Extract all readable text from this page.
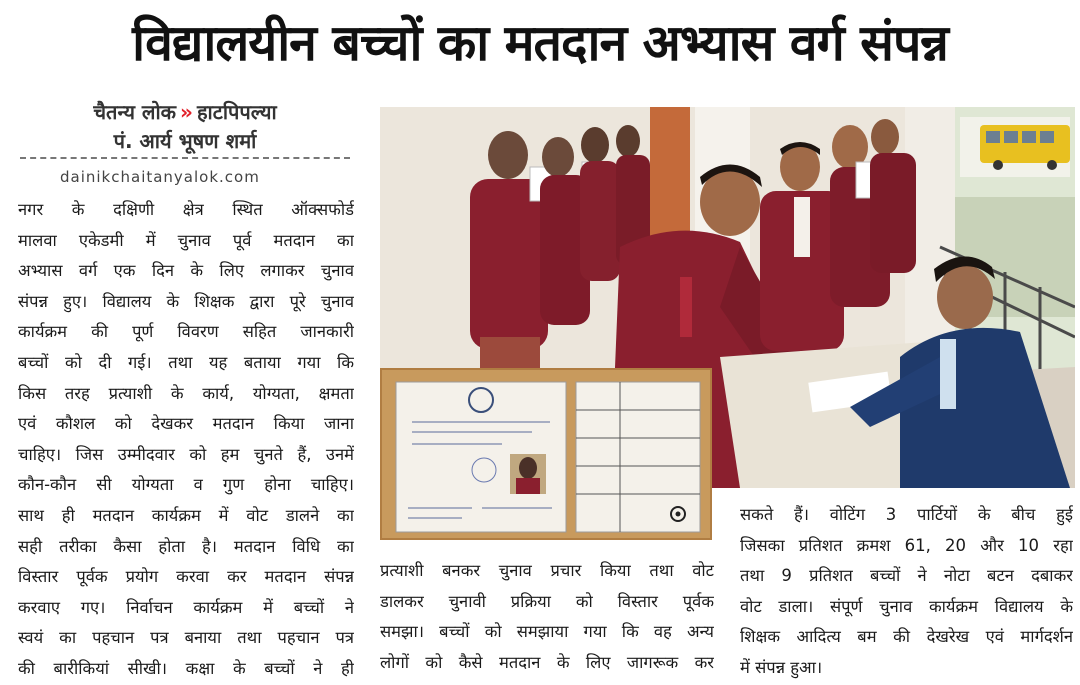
विद्यालयीन बच्चों का मतदान अभ्यास वर्ग संपन्न
चैतन्य लोक » हाटपिपल्या
पं. आर्य भूषण शर्मा
dainikchaitanyalok.com
नगर के दक्षिणी क्षेत्र स्थित ऑक्सफोर्ड
मालवा एकेडमी में चुनाव पूर्व मतदान का
अभ्यास वर्ग एक दिन के लिए लगाकर चुनाव
संपन्न हुए। विद्यालय के शिक्षक द्वारा पूरे चुनाव
कार्यक्रम की पूर्ण विवरण सहित जानकारी
बच्चों को दी गई। तथा यह बताया गया कि
किस तरह प्रत्याशी के कार्य, योग्यता, क्षमता
एवं कौशल को देखकर मतदान किया जाना
चाहिए। जिस उम्मीदवार को हम चुनते हैं, उनमें
कौन-कौन सी योग्यता व गुण होना चाहिए।
साथ ही मतदान कार्यक्रम में वोट डालने का
सही तरीका कैसा होता है। मतदान विधि का
विस्तार पूर्वक प्रयोग करवा कर मतदान संपन्न
करवाए गए। निर्वाचन कार्यक्रम में बच्चों ने
स्वयं का पहचान पत्र बनाया तथा पहचान पत्र
की बारीकियां सीखी। कक्षा के बच्चों ने ही
प्रत्याशी बनकर चुनाव प्रचार किया तथा वोट
डालकर चुनावी प्रक्रिया को विस्तार पूर्वक
समझा। बच्चों को समझाया गया कि वह अन्य
लोगों को कैसे मतदान के लिए जागरूक कर
सकते हैं। वोटिंग 3 पार्टियों के बीच हुई
जिसका प्रतिशत क्रमश 61, 20 और 10 रहा
तथा 9 प्रतिशत बच्चों ने नोटा बटन दबाकर
वोट डाला। संपूर्ण चुनाव कार्यक्रम विद्यालय के
शिक्षक आदित्य बम की देखरेख एवं मार्गदर्शन
में संपन्न हुआ।
